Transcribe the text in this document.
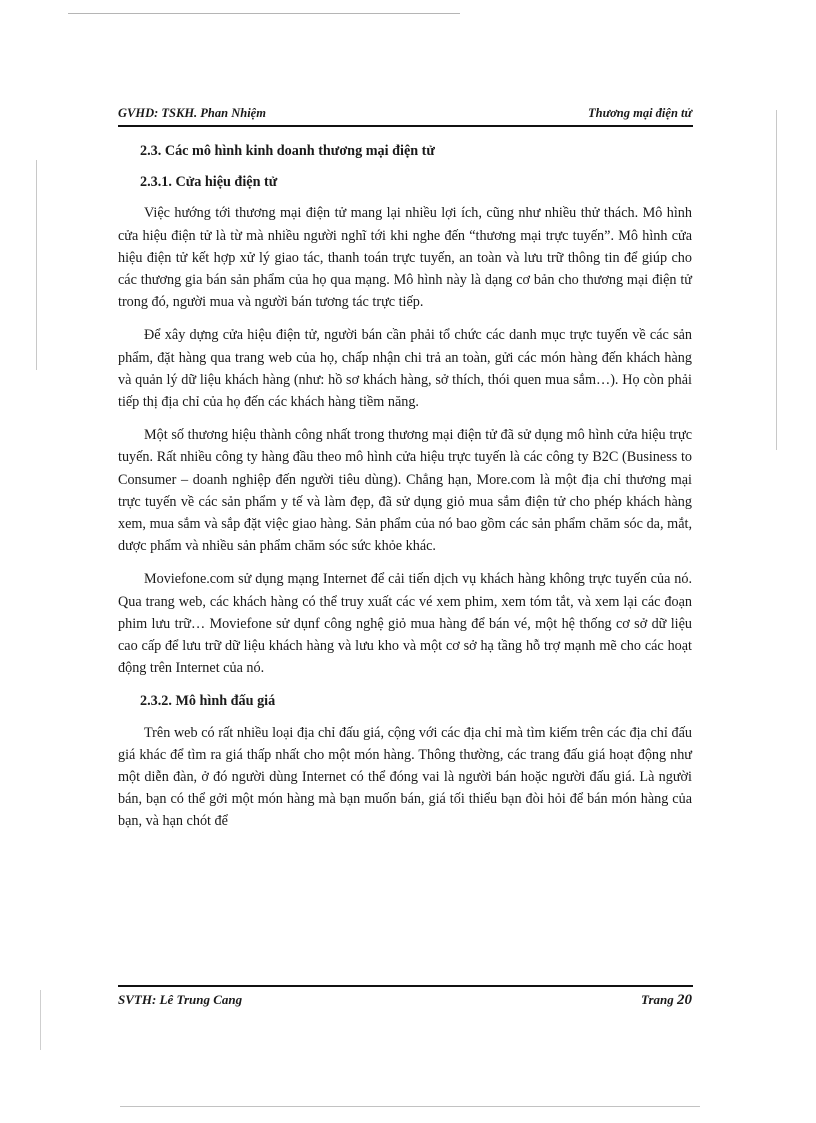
GVHD: TSKH. Phan Nhiệm	Thương mại điện tử
2.3. Các mô hình kinh doanh thương mại điện tử
2.3.1. Cửa hiệu điện tử

Việc hướng tới thương mại điện tử mang lại nhiều lợi ích, cũng như nhiều thử thách. Mô hình cửa hiệu điện tử là từ mà nhiều người nghĩ tới khi nghe đến “thương mại trực tuyến”. Mô hình cửa hiệu điện tử kết hợp xử lý giao tác, thanh toán trực tuyến, an toàn và lưu trữ thông tin để giúp cho các thương gia bán sản phẩm của họ qua mạng. Mô hình này là dạng cơ bản cho thương mại điện tử trong đó, người mua và người bán tương tác trực tiếp.

Để xây dựng cửa hiệu điện tử, người bán cần phải tổ chức các danh mục trực tuyến về các sản phẩm, đặt hàng qua trang web của họ, chấp nhận chi trả an toàn, gửi các món hàng đến khách hàng và quản lý dữ liệu khách hàng (như: hồ sơ khách hàng, sở thích, thói quen mua sắm…). Họ còn phải tiếp thị địa chỉ của họ đến các khách hàng tiềm năng.

Một số thương hiệu thành công nhất trong thương mại điện tử đã sử dụng mô hình cửa hiệu trực tuyến. Rất nhiều công ty hàng đầu theo mô hình cửa hiệu trực tuyến là các công ty B2C (Business to Consumer – doanh nghiệp đến người tiêu dùng). Chẳng hạn, More.com là một địa chỉ thương mại trực tuyến về các sản phẩm y tế và làm đẹp, đã sử dụng giỏ mua sắm điện tử cho phép khách hàng xem, mua sắm và sắp đặt việc giao hàng. Sản phẩm của nó bao gồm các sản phẩm chăm sóc da, mắt, dược phẩm và nhiều sản phẩm chăm sóc sức khỏe khác.

Moviefone.com sử dụng mạng Internet để cải tiến dịch vụ khách hàng không trực tuyến của nó. Qua trang web, các khách hàng có thể truy xuất các vé xem phim, xem tóm tắt, và xem lại các đoạn phim lưu trữ… Moviefone sử dụnf công nghệ giỏ mua hàng để bán vé, một hệ thống cơ sở dữ liệu cao cấp để lưu trữ dữ liệu khách hàng và lưu kho và một cơ sở hạ tầng hỗ trợ mạnh mẽ cho các hoạt động trên Internet của nó.

2.3.2. Mô hình đấu giá

Trên web có rất nhiều loại địa chỉ đấu giá, cộng với các địa chỉ mà tìm kiếm trên các địa chỉ đấu giá khác để tìm ra giá thấp nhất cho một món hàng. Thông thường, các trang đấu giá hoạt động như một diễn đàn, ở đó người dùng Internet có thể đóng vai là người bán hoặc người đấu giá. Là người bán, bạn có thể gởi một món hàng mà bạn muốn bán, giá tối thiểu bạn đòi hỏi để bán món hàng của bạn, và hạn chót để

SVTH: Lê Trung Cang	Trang 20
